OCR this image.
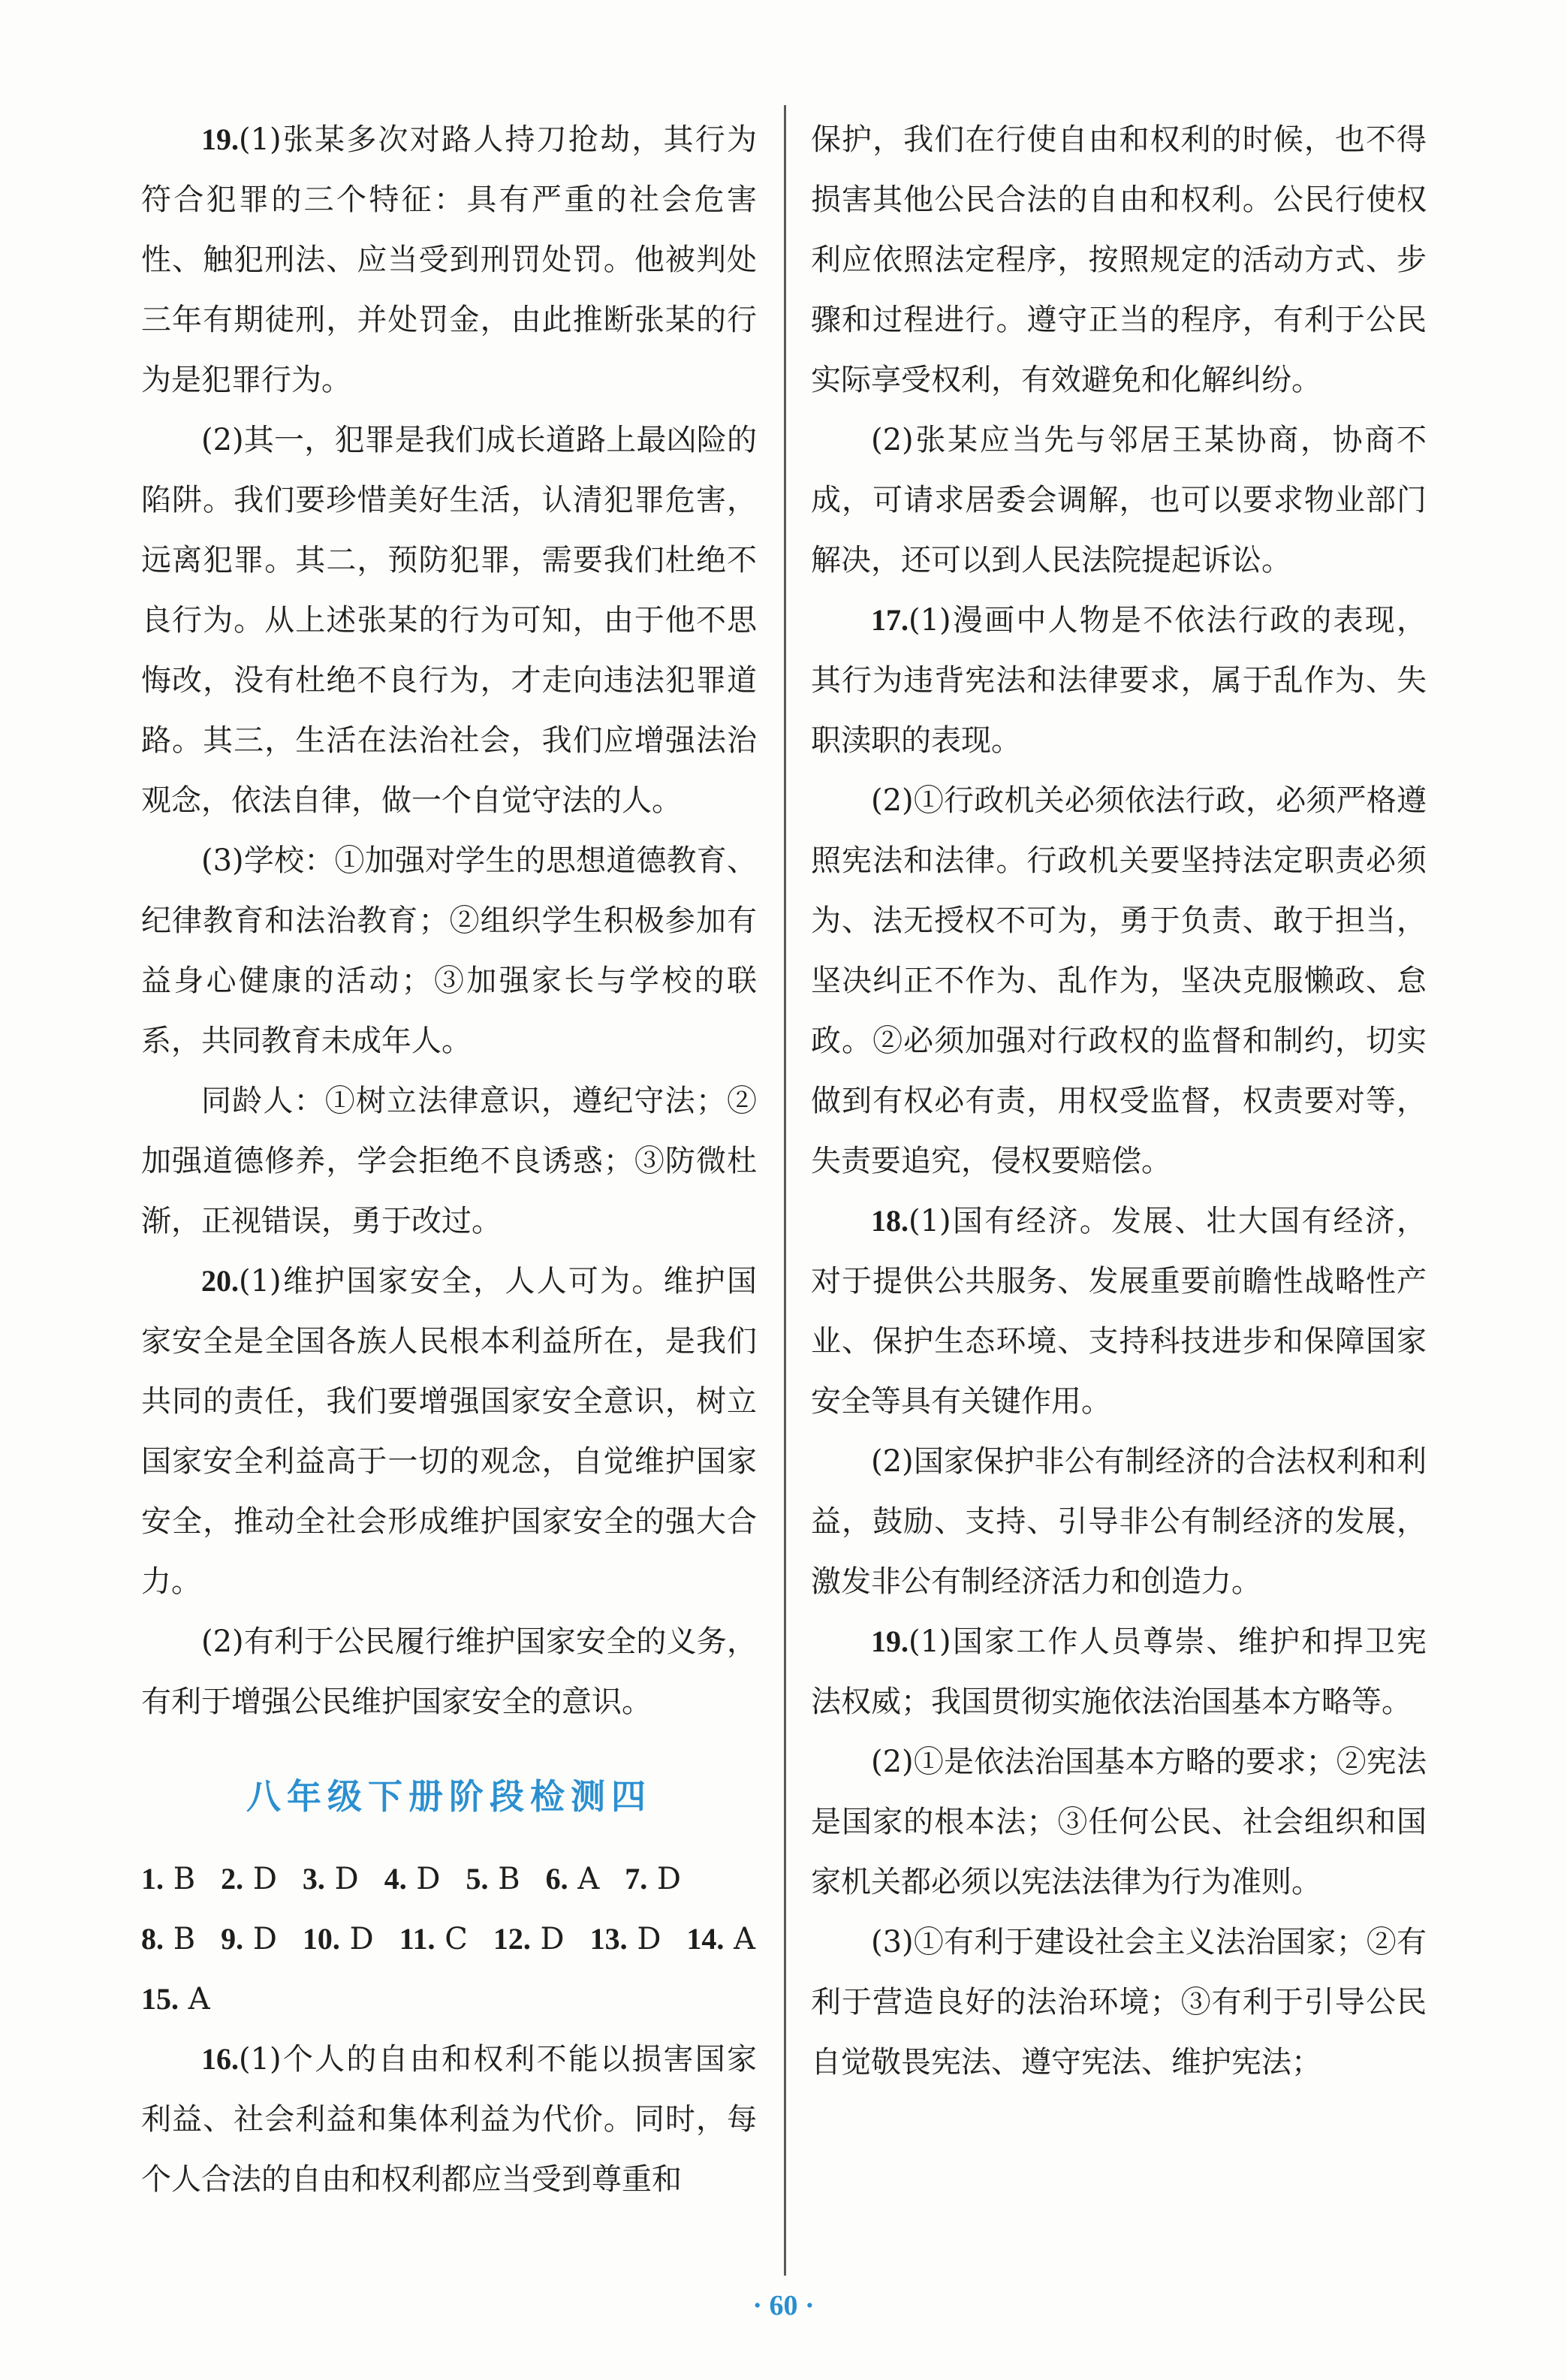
19.(1)张某多次对路人持刀抢劫，其行为符合犯罪的三个特征：具有严重的社会危害性、触犯刑法、应当受到刑罚处罚。他被判处三年有期徒刑，并处罚金，由此推断张某的行为是犯罪行为。

(2)其一，犯罪是我们成长道路上最凶险的陷阱。我们要珍惜美好生活，认清犯罪危害，远离犯罪。其二，预防犯罪，需要我们杜绝不良行为。从上述张某的行为可知，由于他不思悔改，没有杜绝不良行为，才走向违法犯罪道路。其三，生活在法治社会，我们应增强法治观念，依法自律，做一个自觉守法的人。

(3)学校：①加强对学生的思想道德教育、纪律教育和法治教育；②组织学生积极参加有益身心健康的活动；③加强家长与学校的联系，共同教育未成年人。

同龄人：①树立法律意识，遵纪守法；②加强道德修养，学会拒绝不良诱惑；③防微杜渐，正视错误，勇于改过。

20.(1)维护国家安全，人人可为。维护国家安全是全国各族人民根本利益所在，是我们共同的责任，我们要增强国家安全意识，树立国家安全利益高于一切的观念，自觉维护国家安全，推动全社会形成维护国家安全的强大合力。

(2)有利于公民履行维护国家安全的义务，有利于增强公民维护国家安全的意识。

八年级下册阶段检测四
1. B 2. D 3. D 4. D 5. B 6. A 7. D
8. B 9. D 10. D 11. C 12. D 13. D 14. A
15. A

16.(1)个人的自由和权利不能以损害国家利益、社会利益和集体利益为代价。同时，每个人合法的自由和权利都应当受到尊重和

保护，我们在行使自由和权利的时候，也不得损害其他公民合法的自由和权利。公民行使权利应依照法定程序，按照规定的活动方式、步骤和过程进行。遵守正当的程序，有利于公民实际享受权利，有效避免和化解纠纷。

(2)张某应当先与邻居王某协商，协商不成，可请求居委会调解，也可以要求物业部门解决，还可以到人民法院提起诉讼。

17.(1)漫画中人物是不依法行政的表现，其行为违背宪法和法律要求，属于乱作为、失职渎职的表现。

(2)①行政机关必须依法行政，必须严格遵照宪法和法律。行政机关要坚持法定职责必须为、法无授权不可为，勇于负责、敢于担当，坚决纠正不作为、乱作为，坚决克服懒政、怠政。②必须加强对行政权的监督和制约，切实做到有权必有责，用权受监督，权责要对等，失责要追究，侵权要赔偿。

18.(1)国有经济。发展、壮大国有经济，对于提供公共服务、发展重要前瞻性战略性产业、保护生态环境、支持科技进步和保障国家安全等具有关键作用。

(2)国家保护非公有制经济的合法权利和利益，鼓励、支持、引导非公有制经济的发展，激发非公有制经济活力和创造力。

19.(1)国家工作人员尊崇、维护和捍卫宪法权威；我国贯彻实施依法治国基本方略等。

(2)①是依法治国基本方略的要求；②宪法是国家的根本法；③任何公民、社会组织和国家机关都必须以宪法法律为行为准则。

(3)①有利于建设社会主义法治国家；②有利于营造良好的法治环境；③有利于引导公民自觉敬畏宪法、遵守宪法、维护宪法；

· 60 ·
